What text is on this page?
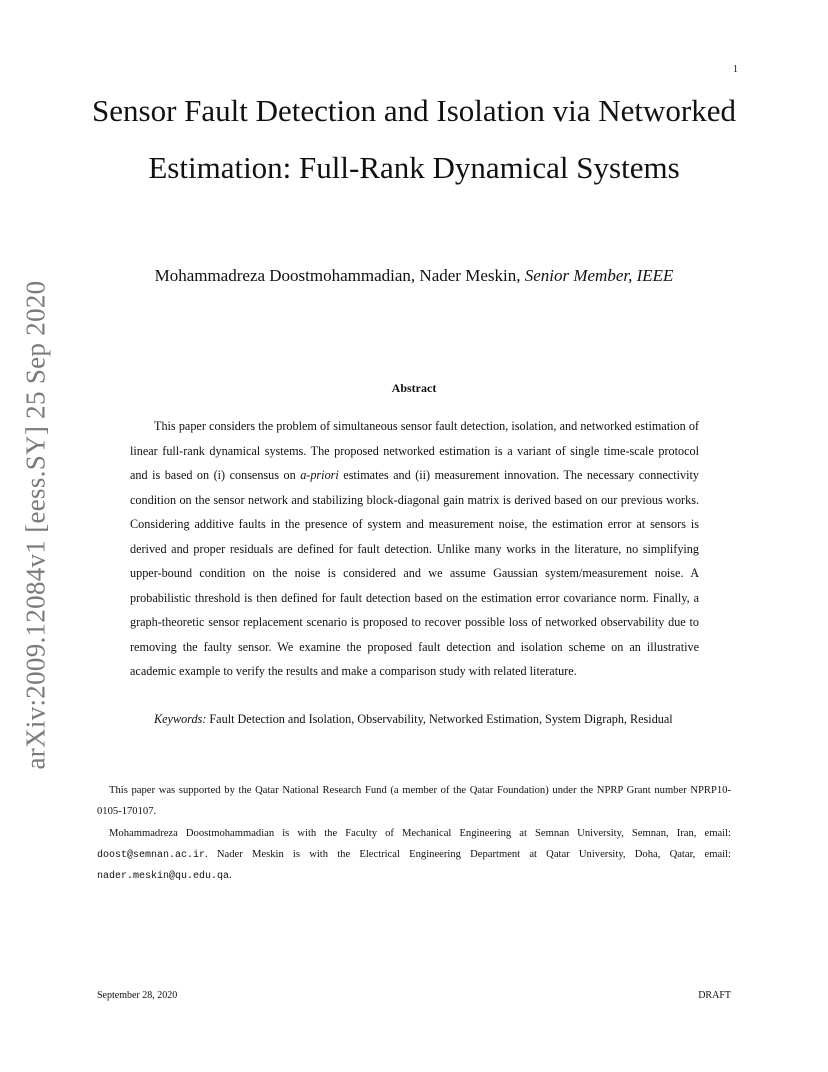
1
arXiv:2009.12084v1 [eess.SY] 25 Sep 2020
Sensor Fault Detection and Isolation via Networked Estimation: Full-Rank Dynamical Systems
Mohammadreza Doostmohammadian, Nader Meskin, Senior Member, IEEE
Abstract

This paper considers the problem of simultaneous sensor fault detection, isolation, and networked estimation of linear full-rank dynamical systems. The proposed networked estimation is a variant of single time-scale protocol and is based on (i) consensus on a-priori estimates and (ii) measurement innovation. The necessary connectivity condition on the sensor network and stabilizing block-diagonal gain matrix is derived based on our previous works. Considering additive faults in the presence of system and measurement noise, the estimation error at sensors is derived and proper residuals are defined for fault detection. Unlike many works in the literature, no simplifying upper-bound condition on the noise is considered and we assume Gaussian system/measurement noise. A probabilistic threshold is then defined for fault detection based on the estimation error covariance norm. Finally, a graph-theoretic sensor replacement scenario is proposed to recover possible loss of networked observability due to removing the faulty sensor. We examine the proposed fault detection and isolation scheme on an illustrative academic example to verify the results and make a comparison study with related literature.

Keywords: Fault Detection and Isolation, Observability, Networked Estimation, System Digraph, Residual

This paper was supported by the Qatar National Research Fund (a member of the Qatar Foundation) under the NPRP Grant number NPRP10-0105-170107.

Mohammadreza Doostmohammadian is with the Faculty of Mechanical Engineering at Semnan University, Semnan, Iran, email: doost@semnan.ac.ir. Nader Meskin is with the Electrical Engineering Department at Qatar University, Doha, Qatar, email: nader.meskin@qu.edu.qa.

September 28, 2020	DRAFT
